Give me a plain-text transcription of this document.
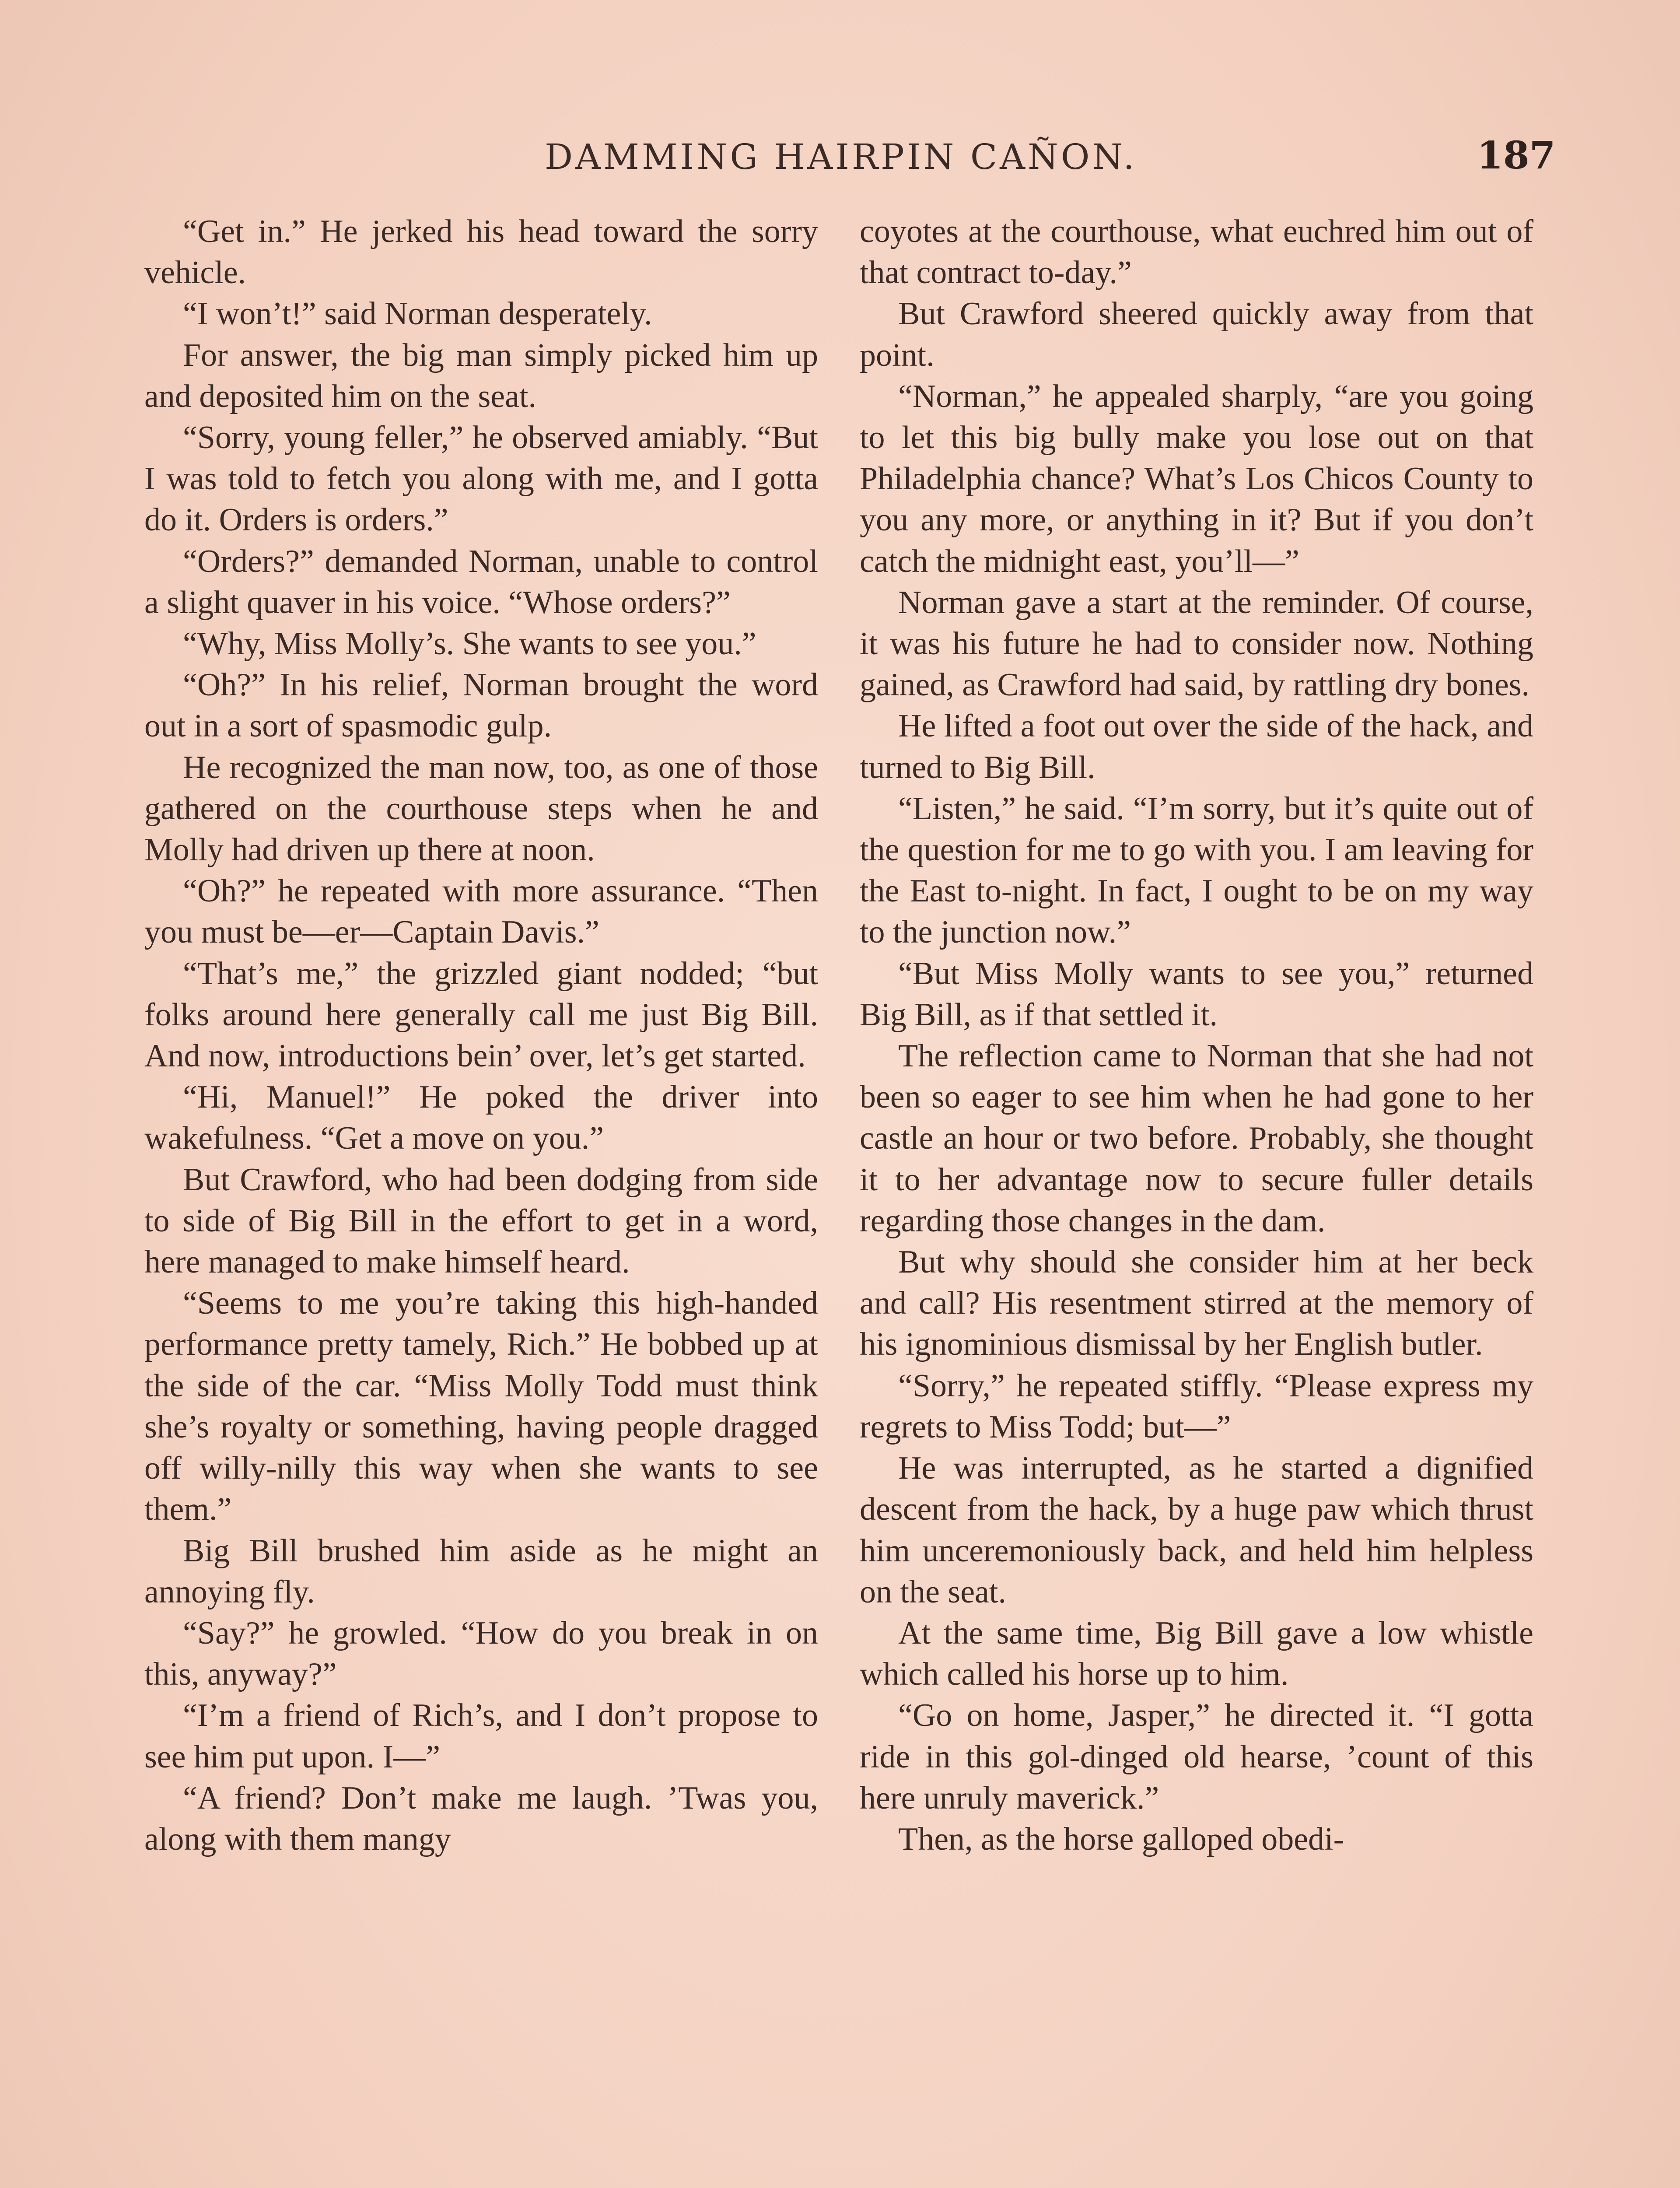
DAMMING HAIRPIN CAÑON.	187

“Get in.” He jerked his head toward the sorry vehicle.

“I won’t!” said Norman desperately.

For answer, the big man simply picked him up and deposited him on the seat.

“Sorry, young feller,” he observed amiably. “But I was told to fetch you along with me, and I gotta do it. Orders is orders.”

“Orders?” demanded Norman, unable to control a slight quaver in his voice. “Whose orders?”

“Why, Miss Molly’s. She wants to see you.”

“Oh?” In his relief, Norman brought the word out in a sort of spasmodic gulp.

He recognized the man now, too, as one of those gathered on the courthouse steps when he and Molly had driven up there at noon.

“Oh?” he repeated with more assurance. “Then you must be—er—Captain Davis.”

“That’s me,” the grizzled giant nodded; “but folks around here generally call me just Big Bill. And now, introductions bein’ over, let’s get started.

“Hi, Manuel!” He poked the driver into wakefulness. “Get a move on you.”

But Crawford, who had been dodging from side to side of Big Bill in the effort to get in a word, here managed to make himself heard.

“Seems to me you’re taking this high-handed performance pretty tamely, Rich.” He bobbed up at the side of the car. “Miss Molly Todd must think she’s royalty or something, having people dragged off willy-nilly this way when she wants to see them.”

Big Bill brushed him aside as he might an annoying fly.

“Say?” he growled. “How do you break in on this, anyway?”

“I’m a friend of Rich’s, and I don’t propose to see him put upon. I—”

“A friend? Don’t make me laugh. ’Twas you, along with them mangy

coyotes at the courthouse, what euchred him out of that contract to-day.”

But Crawford sheered quickly away from that point.

“Norman,” he appealed sharply, “are you going to let this big bully make you lose out on that Philadelphia chance? What’s Los Chicos County to you any more, or anything in it? But if you don’t catch the midnight east, you’ll—”

Norman gave a start at the reminder. Of course, it was his future he had to consider now. Nothing gained, as Crawford had said, by rattling dry bones.

He lifted a foot out over the side of the hack, and turned to Big Bill.

“Listen,” he said. “I’m sorry, but it’s quite out of the question for me to go with you. I am leaving for the East to-night. In fact, I ought to be on my way to the junction now.”

“But Miss Molly wants to see you,” returned Big Bill, as if that settled it.

The reflection came to Norman that she had not been so eager to see him when he had gone to her castle an hour or two before. Probably, she thought it to her advantage now to secure fuller details regarding those changes in the dam.

But why should she consider him at her beck and call? His resentment stirred at the memory of his ignominious dismissal by her English butler.

“Sorry,” he repeated stiffly. “Please express my regrets to Miss Todd; but—”

He was interrupted, as he started a dignified descent from the hack, by a huge paw which thrust him unceremoniously back, and held him helpless on the seat.

At the same time, Big Bill gave a low whistle which called his horse up to him.

“Go on home, Jasper,” he directed it. “I gotta ride in this gol-dinged old hearse, ’count of this here unruly maverick.”

Then, as the horse galloped obedi-
